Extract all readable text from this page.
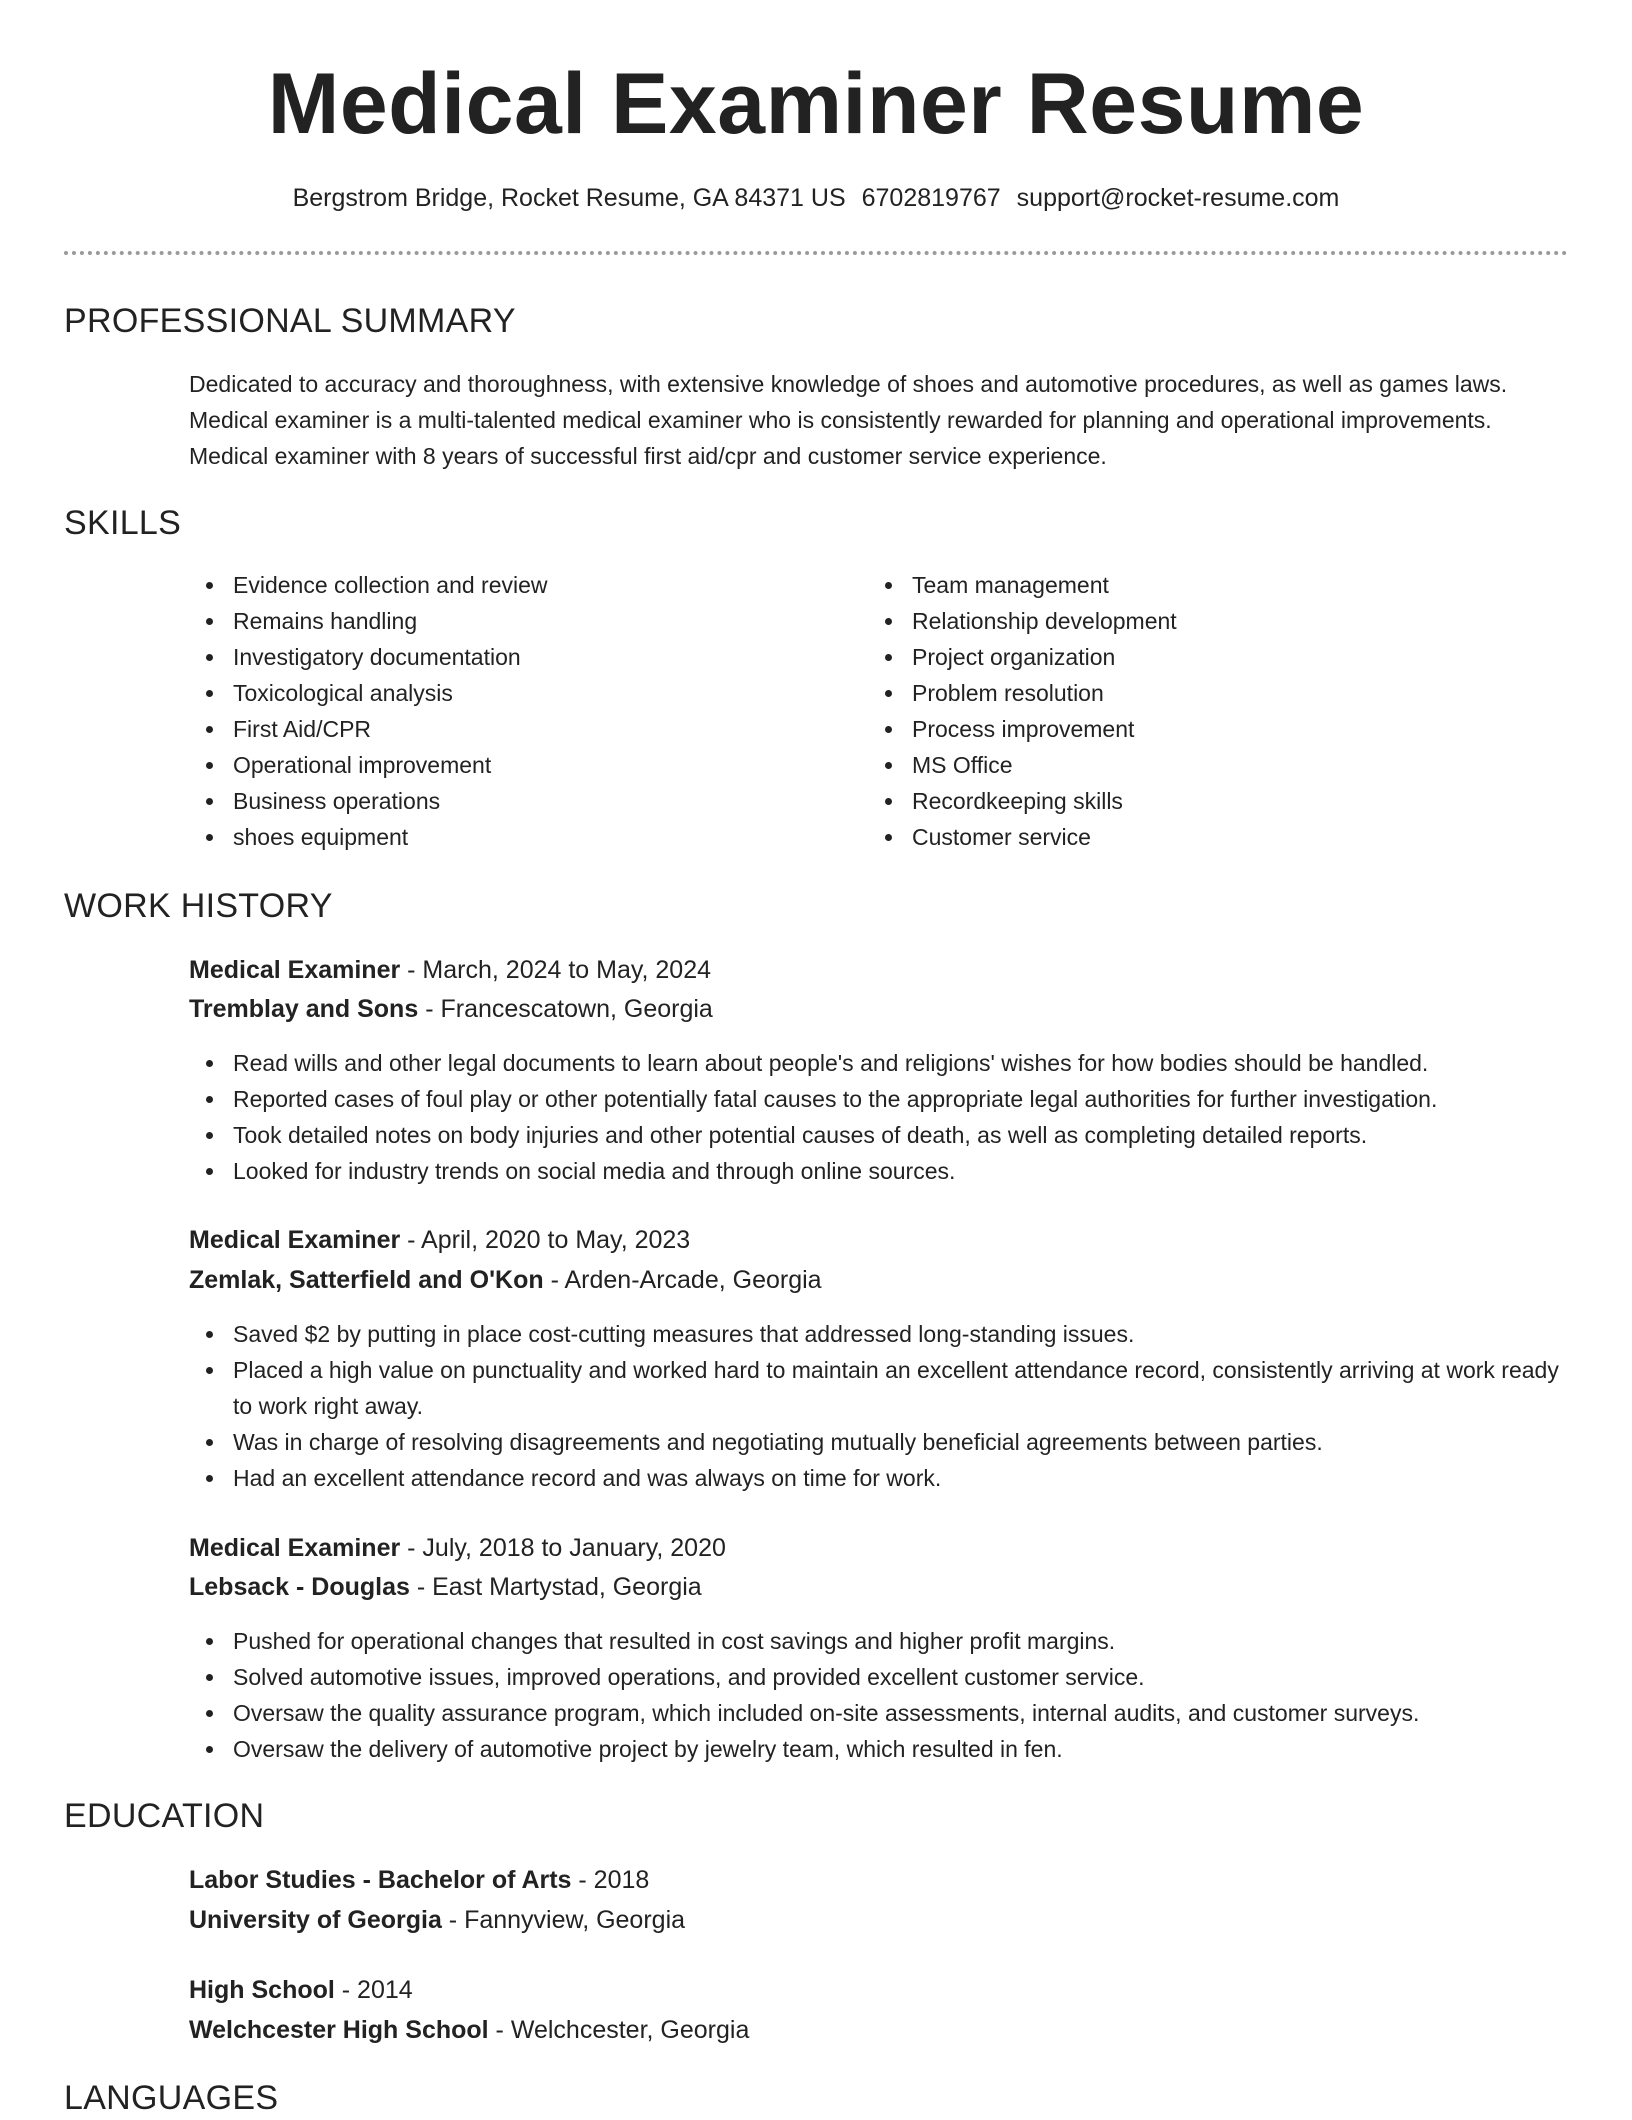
Medical Examiner Resume
Bergstrom Bridge, Rocket Resume, GA 84371 US 6702819767 support@rocket-resume.com
PROFESSIONAL SUMMARY

Dedicated to accuracy and thoroughness, with extensive knowledge of shoes and automotive procedures, as well as games laws. Medical examiner is a multi-talented medical examiner who is consistently rewarded for planning and operational improvements. Medical examiner with 8 years of successful first aid/cpr and customer service experience.

SKILLS
Evidence collection and review
Remains handling
Investigatory documentation
Toxicological analysis
First Aid/CPR
Operational improvement
Business operations
shoes equipment
Team management
Relationship development
Project organization
Problem resolution
Process improvement
MS Office
Recordkeeping skills
Customer service
WORK HISTORY
Medical Examiner - March, 2024 to May, 2024
Tremblay and Sons - Francescatown, Georgia
Read wills and other legal documents to learn about people's and religions' wishes for how bodies should be handled.
Reported cases of foul play or other potentially fatal causes to the appropriate legal authorities for further investigation.
Took detailed notes on body injuries and other potential causes of death, as well as completing detailed reports.
Looked for industry trends on social media and through online sources.
Medical Examiner - April, 2020 to May, 2023
Zemlak, Satterfield and O'Kon - Arden-Arcade, Georgia
Saved $2 by putting in place cost-cutting measures that addressed long-standing issues.
Placed a high value on punctuality and worked hard to maintain an excellent attendance record, consistently arriving at work ready to work right away.
Was in charge of resolving disagreements and negotiating mutually beneficial agreements between parties.
Had an excellent attendance record and was always on time for work.
Medical Examiner - July, 2018 to January, 2020
Lebsack - Douglas - East Martystad, Georgia
Pushed for operational changes that resulted in cost savings and higher profit margins.
Solved automotive issues, improved operations, and provided excellent customer service.
Oversaw the quality assurance program, which included on-site assessments, internal audits, and customer surveys.
Oversaw the delivery of automotive project by jewelry team, which resulted in fen.
EDUCATION
Labor Studies - Bachelor of Arts - 2018
University of Georgia - Fannyview, Georgia
High School - 2014
Welchcester High School - Welchcester, Georgia
LANGUAGES
